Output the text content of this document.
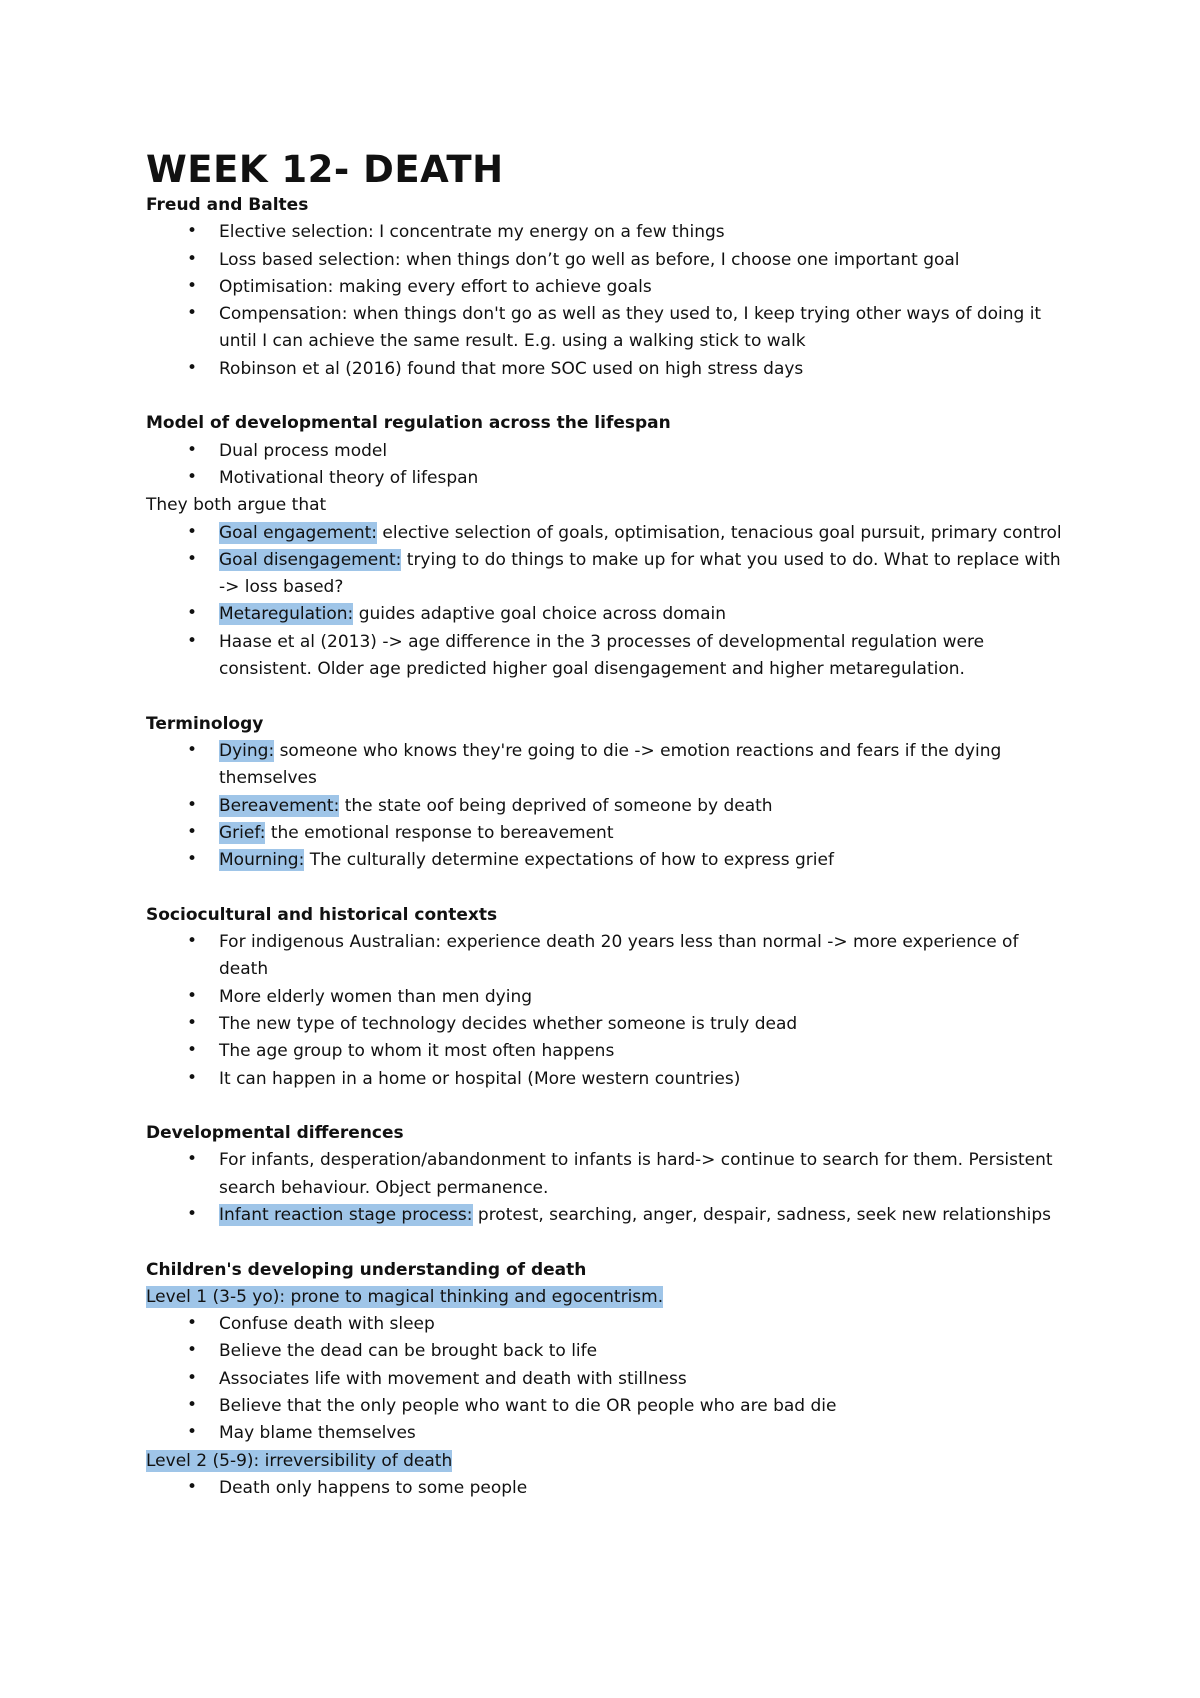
WEEK 12- DEATH
Freud and Baltes
• Elective selection: I concentrate my energy on a few things
• Loss based selection: when things don’t go well as before, I choose one important goal
• Optimisation: making every effort to achieve goals
• Compensation: when things don't go as well as they used to, I keep trying other ways of doing it until I can achieve the same result. E.g. using a walking stick to walk
• Robinson et al (2016) found that more SOC used on high stress days
Model of developmental regulation across the lifespan
• Dual process model
• Motivational theory of lifespan
They both argue that
• Goal engagement: elective selection of goals, optimisation, tenacious goal pursuit, primary control
• Goal disengagement: trying to do things to make up for what you used to do. What to replace with -> loss based?
• Metaregulation: guides adaptive goal choice across domain
• Haase et al (2013) -> age difference in the 3 processes of developmental regulation were consistent. Older age predicted higher goal disengagement and higher metaregulation.
Terminology
• Dying: someone who knows they're going to die -> emotion reactions and fears if the dying themselves
• Bereavement: the state oof being deprived of someone by death
• Grief: the emotional response to bereavement
• Mourning: The culturally determine expectations of how to express grief
Sociocultural and historical contexts
• For indigenous Australian: experience death 20 years less than normal -> more experience of death
• More elderly women than men dying
• The new type of technology decides whether someone is truly dead
• The age group to whom it most often happens
• It can happen in a home or hospital (More western countries)
Developmental differences
• For infants, desperation/abandonment to infants is hard-> continue to search for them. Persistent search behaviour. Object permanence.
• Infant reaction stage process: protest, searching, anger, despair, sadness, seek new relationships
Children's developing understanding of death
Level 1 (3-5 yo): prone to magical thinking and egocentrism.
• Confuse death with sleep
• Believe the dead can be brought back to life
• Associates life with movement and death with stillness
• Believe that the only people who want to die OR people who are bad die
• May blame themselves
Level 2 (5-9): irreversibility of death
• Death only happens to some people
